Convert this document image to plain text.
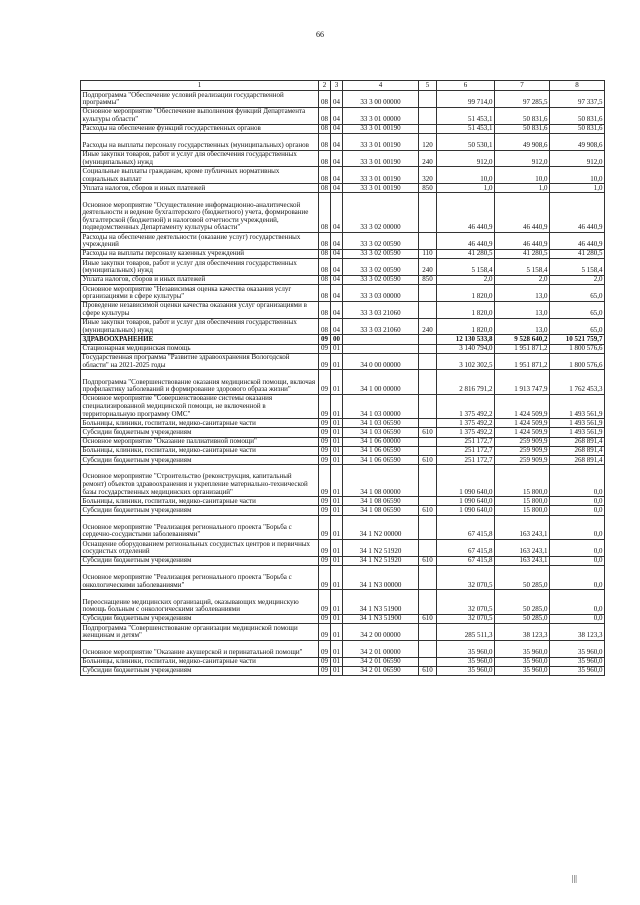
66
1	2	3	4	5	6	7	8
Подпрограмма "Обеспечение условий реализации государственной программы"	08	04	33 3 00 00000		99 714,0	97 285,5	97 337,5
Основное мероприятие "Обеспечение выполнения функций Департамента культуры области"	08	04	33 3 01 00000		51 453,1	50 831,6	50 831,6
Расходы на обеспечение функций государственных органов	08	04	33 3 01 00190		51 453,1	50 831,6	50 831,6
Расходы на выплаты персоналу государственных (муниципальных) органов	08	04	33 3 01 00190	120	50 530,1	49 908,6	49 908,6
Иные закупки товаров, работ и услуг для обеспечения государственных (муниципальных) нужд	08	04	33 3 01 00190	240	912,0	912,0	912,0
Социальные выплаты гражданам, кроме публичных нормативных социальных выплат	08	04	33 3 01 00190	320	10,0	10,0	10,0
Уплата налогов, сборов и иных платежей	08	04	33 3 01 00190	850	1,0	1,0	1,0
Основное мероприятие "Осуществление информационно-аналитической деятельности и ведение бухгалтерского (бюджетного) учета, формирование бухгалтерской (бюджетной) и налоговой отчетности учреждений, подведомственных Департаменту культуры области"	08	04	33 3 02 00000		46 440,9	46 440,9	46 440,9
Расходы на обеспечение деятельности (оказание услуг) государственных учреждений	08	04	33 3 02 00590		46 440,9	46 440,9	46 440,9
Расходы на выплаты персоналу казенных учреждений	08	04	33 3 02 00590	110	41 280,5	41 280,5	41 280,5
Иные закупки товаров, работ и услуг для обеспечения государственных (муниципальных) нужд	08	04	33 3 02 00590	240	5 158,4	5 158,4	5 158,4
Уплата налогов, сборов и иных платежей	08	04	33 3 02 00590	850	2,0	2,0	2,0
Основное мероприятие "Независимая оценка качества оказания услуг организациями в сфере культуры"	08	04	33 3 03 00000		1 820,0	13,0	65,0
Проведение независимой оценки качества оказания услуг организациями в сфере культуры	08	04	33 3 03 21060		1 820,0	13,0	65,0
Иные закупки товаров, работ и услуг для обеспечения государственных (муниципальных) нужд	08	04	33 3 03 21060	240	1 820,0	13,0	65,0
ЗДРАВООХРАНЕНИЕ	09	00			12 130 533,8	9 528 640,2	10 521 759,7
Стационарная медицинская помощь	09	01			3 140 794,0	1 951 871,2	1 800 576,6
Государственная программа "Развитие здравоохранения Вологодской области" на 2021-2025 годы	09	01	34 0 00 00000		3 102 302,5	1 951 871,2	1 800 576,6
Подпрограмма "Совершенствование оказания медицинской помощи, включая профилактику заболеваний и формирование здорового образа жизни"	09	01	34 1 00 00000		2 816 791,2	1 913 747,9	1 762 453,3
Основное мероприятие "Совершенствование системы оказания специализированной медицинской помощи, не включенной в территориальную программу ОМС"	09	01	34 1 03 00000		1 375 492,2	1 424 509,9	1 493 561,9
Больницы, клиники, госпитали, медико-санитарные части	09	01	34 1 03 06590		1 375 492,2	1 424 509,9	1 493 561,9
Субсидии бюджетным учреждениям	09	01	34 1 03 06590	610	1 375 492,2	1 424 509,9	1 493 561,9
Основное мероприятие "Оказание паллиативной помощи"	09	01	34 1 06 00000		251 172,7	259 909,9	268 891,4
Больницы, клиники, госпитали, медико-санитарные части	09	01	34 1 06 06590		251 172,7	259 909,9	268 891,4
Субсидии бюджетным учреждениям	09	01	34 1 06 06590	610	251 172,7	259 909,9	268 891,4
Основное мероприятие "Строительство (реконструкция, капитальный ремонт) объектов здравоохранения и укрепление материально-технической базы государственных медицинских организаций"	09	01	34 1 08 00000		1 090 640,0	15 800,0	0,0
Больницы, клиники, госпитали, медико-санитарные части	09	01	34 1 08 06590		1 090 640,0	15 800,0	0,0
Субсидии бюджетным учреждениям	09	01	34 1 08 06590	610	1 090 640,0	15 800,0	0,0
Основное мероприятие "Реализация регионального проекта "Борьба с сердечно-сосудистыми заболеваниями"	09	01	34 1 N2 00000		67 415,8	163 243,1	0,0
Оснащение оборудованием региональных сосудистых центров и первичных сосудистых отделений	09	01	34 1 N2 51920		67 415,8	163 243,1	0,0
Субсидии бюджетным учреждениям	09	01	34 1 N2 51920	610	67 415,8	163 243,1	0,0
Основное мероприятие "Реализация регионального проекта "Борьба с онкологическими заболеваниями"	09	01	34 1 N3 00000		32 070,5	50 285,0	0,0
Переоснащение медицинских организаций, оказывающих медицинскую помощь больным с онкологическими заболеваниями	09	01	34 1 N3 51900		32 070,5	50 285,0	0,0
Субсидии бюджетным учреждениям	09	01	34 1 N3 51900	610	32 070,5	50 285,0	0,0
Подпрограмма "Совершенствование организации медицинской помощи женщинам и детям"	09	01	34 2 00 00000		285 511,3	38 123,3	38 123,3
Основное мероприятие "Оказание акушерской и перинатальной помощи"	09	01	34 2 01 00000		35 960,0	35 960,0	35 960,0
Больницы, клиники, госпитали, медико-санитарные части	09	01	34 2 01 06590		35 960,0	35 960,0	35 960,0
Субсидии бюджетным учреждениям	09	01	34 2 01 06590	610	35 960,0	35 960,0	35 960,0
|||
